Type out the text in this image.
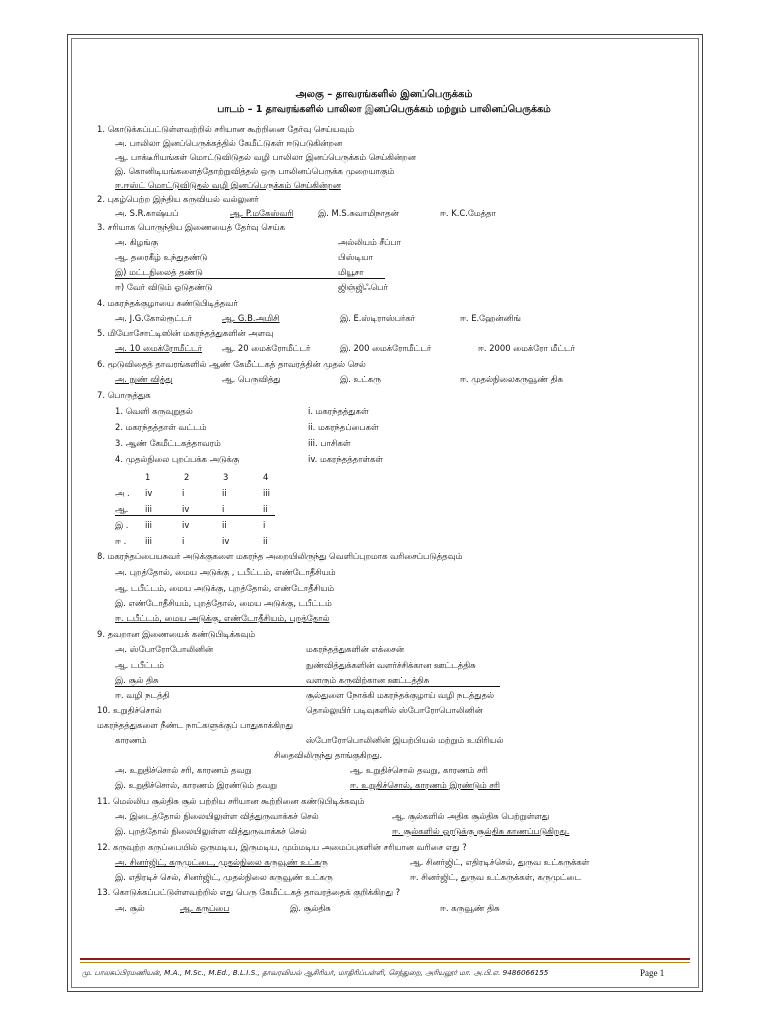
அலகு – தாவரங்களில் இனப்பெருக்கம்
பாடம் – 1 தாவரங்களில் பாலிலா இனப்பெருக்கம் மற்றும் பாலினப்பெருக்கம்
1. கொடுக்கப்பட்டுள்ளவற்றில் சரியான கூற்றினை தேர்வு செய்யவும்
அ. பாலிலா இனப்பெருக்கத்தில் கேமீட்டுகள் ஈடுபடுகின்றன
ஆ. பாக்டீரியங்கள் மொட்டுவிடுதல் வழி பாலிலா இனப்பெருக்கம் செய்கின்றன
இ. கொனிடியங்களைத்தோற்றுவித்தல் ஒரு பாலினப்பெருக்க முறையாகும்
ஈ.ஈஸ்ட் மொட்டுவிடுதல் வழி இனப்பெருக்கம் செய்கின்றன
2. புகழ்பெற்ற இந்திய கருவியல் வல்லுனர்
அ. S.R.காஷ்யப்	ஆ. P.மகேஸ்வரி	இ. M.S.சுவாமிநாதன்	ஈ. K.C.மேத்தா
3. சரியாக பொருந்திய இணையைத் தேர்வு செய்க
அ. கிழங்கு	அல்லியம் சீப்பா
ஆ. தரைகீழ் உந்துதண்டு	பிஸ்டியா
இ) மட்டநிலைத் தண்டு	மியூசா
ஈ) வேர் விடும் ஓடுதண்டு	ஜிஞ்ஜிஃபெர்
4. மகரந்தக்குழாயை கண்டுபிடித்தவர்
அ. J.G.கோல்ரூட்டர்	ஆ. G.B.அமிசி	இ. E.ஸ்டிராஸ்பர்கர்	ஈ. E.ஹேன்னிங்
5. மியோசோட்டிஸின் மகரந்தத்துகளின் அளவு
அ. 10 மைக்ரோமீட்டர் ஆ. 20 மைக்ரோமீட்டர்	இ. 200 மைக்ரோமீட்டர்	ஈ. 2000 மைக்ரோ மீட்டர்
6. மூடுவிதைத் தாவரங்களில் ஆண் கேமீட்டகத் தாவரத்தின் முதல் செல்
அ. நுண் வித்து	ஆ. பெருவித்து	இ. உட்கரு	ஈ. முதல்நிலைகருவூண் திசு
7. பொருத்துக
1. வெளி கருவுறுதல்	i. மகரந்தத்துகள்
2. மகரந்தத்தாள் வட்டம்	ii. மகரந்தப்பைகள்
3. ஆண் கேமீட்டகத்தாவரம்	iii. பாசிகள்
4. முதல்நிலை புறப்பக்க அடுக்கு	iv. மகரந்தத்தாள்கள்
1	2	3	4
அ . iv	i	ii	iii
ஆ. iii	iv	i	ii
இ . iii	iv	ii	i
ஈ . iii	i	iv	ii
8. மகரந்தப்பையசுவர் அடுக்குகளை மகரந்த அறையிலிருந்து வெளிப்புறமாக வரிசைப்படுத்தவும்
அ. புறத்தோல், மைய அடுக்கு , டபீட்டம், எண்டோதீசியம்
ஆ. டபீட்டம், மைய அடுக்கு, புறத்தோல், எண்டோதீசியம்
இ. எண்டோதீசியம், புறத்தோல், மைய அடுக்கு, டபீட்டம்
ஈ. டபீட்டம், மைய அடுக்கு, எண்டோதீசியம், புறத்தோல்
9. தவறான இணையைக் கண்டுபிடிக்கவும்
அ. ஸ்போரோபோலினின்	மகரந்தத்துகளின் எக்சைன்
ஆ. டபீட்டம்	நுண்வித்துக்களின் வளர்ச்சிக்கான ஊட்டத்திசு
இ. சூல் திசு	வளரும் கருவிற்கான ஊட்டத்திசு
ஈ. வழி நடத்தி	சூல்துளை நோக்கி மகரந்தக்குழாய் வழி நடத்துதல்
10. உறுதிச்சொல்	தொல்லுயிர் படிவுகளில் ஸ்போரோபொலினின்
மகரந்தத்துகளை நீண்ட நாட்களுக்குப் பாதுகாக்கிறது
காரணம்	ஸ்போரோபொலினின் இயற்பியல் மற்றும் உயிரியல்
சிதைவிலிருந்து தாங்குகிறது.
அ. உறுதிச்சொல் சரி, காரணம் தவறு	ஆ. உறுதிச்சொல் தவறு, காரணம் சரி
இ. உறுதிச்சொல், காரணம் இரண்டும் தவறு	ஈ. உறுதிச்சொல், காரணம் இரண்டும் சரி
11. மெல்லிய சூல்திசு சூல் பற்றிய சரியான கூற்றினை கண்டுபிடிக்கவும்
அ. இடைத்தோல் நிலையிலுள்ள வித்துருவாக்கச் செல்	ஆ. சூல்களில் அதிக சூல்திசு பெற்றுள்ளது
இ. புறத்தோல் நிலையிலுள்ள வித்துருவாக்கச் செல்	ஈ. சூல்களில் ஓரடுக்கு சூல்திசு காணப்படுகிறது.
12. கருவுற்ற கருப்பையில் ஒருமடிய, இருமடிய, மும்மடிய அமைப்புகளின் சரியான வரிசை எது ?
அ. சினர்ஜிட், கருமுட்டை, முதல்நிலை கருவூண் உட்கரு	ஆ. சினர்ஜிட், எதிரடிச்செல், துருவ உட்கருக்கள்
இ. எதிரடிச் செல், சினர்ஜிட், முதல்நிலை கருவூண் உட்கரு	ஈ. சினர்ஜிட், துருவ உட்கருக்கள், கருமுட்டை
13. கொடுக்கப்பட்டுள்ளவற்றில் எது பெரு கேமீட்டகத் தாவரத்தைக் குறிக்கிறது ?
அ. சூல்	ஆ. கருப்பை	இ. சூல்திசு	ஈ. கருவூண் திசு
மு. பாலசுப்பிரமணியன், M.A., M.Sc., M.Ed., B.L.I.S., தாவரவியல் ஆசிரியர், மாதிரிப்பள்ளி, செந்துறை, அரியலூர் மா. அ.பி.எ. 9486066155	Page 1
